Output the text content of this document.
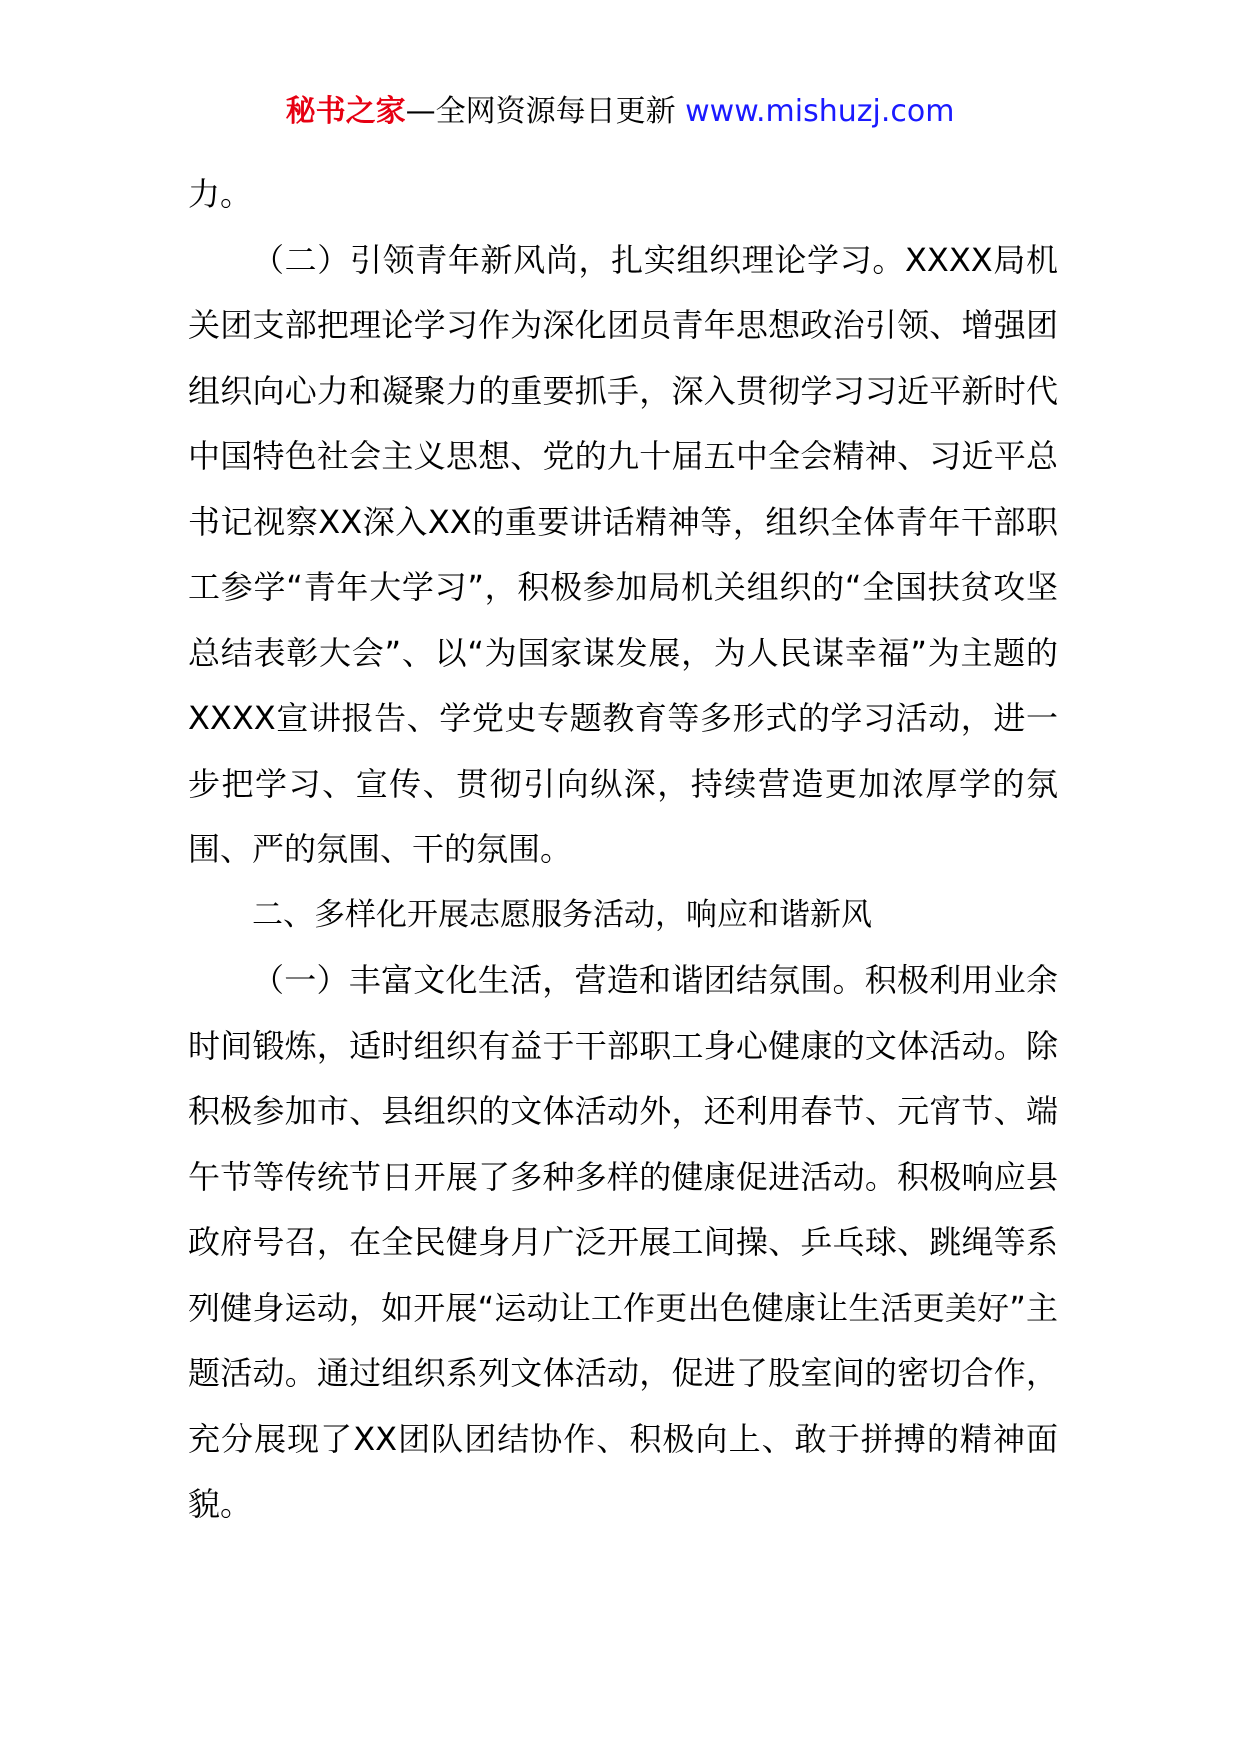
秘书之家—全网资源每日更新 www.mishuzj.com

力。

（二）引领青年新风尚，扎实组织理论学习。XXXX局机关团支部把理论学习作为深化团员青年思想政治引领、增强团组织向心力和凝聚力的重要抓手，深入贯彻学习习近平新时代中国特色社会主义思想、党的九十届五中全会精神、习近平总书记视察XX深入XX的重要讲话精神等，组织全体青年干部职工参学“青年大学习”，积极参加局机关组织的“全国扶贫攻坚总结表彰大会”、以“为国家谋发展，为人民谋幸福”为主题的XXXX宣讲报告、学党史专题教育等多形式的学习活动，进一步把学习、宣传、贯彻引向纵深，持续营造更加浓厚学的氛围、严的氛围、干的氛围。

二、多样化开展志愿服务活动，响应和谐新风

（一）丰富文化生活，营造和谐团结氛围。积极利用业余时间锻炼，适时组织有益于干部职工身心健康的文体活动。除积极参加市、县组织的文体活动外，还利用春节、元宵节、端午节等传统节日开展了多种多样的健康促进活动。积极响应县政府号召，在全民健身月广泛开展工间操、乒乓球、跳绳等系列健身运动，如开展“运动让工作更出色健康让生活更美好”主题活动。通过组织系列文体活动，促进了股室间的密切合作，充分展现了XX团队团结协作、积极向上、敢于拼搏的精神面貌。
